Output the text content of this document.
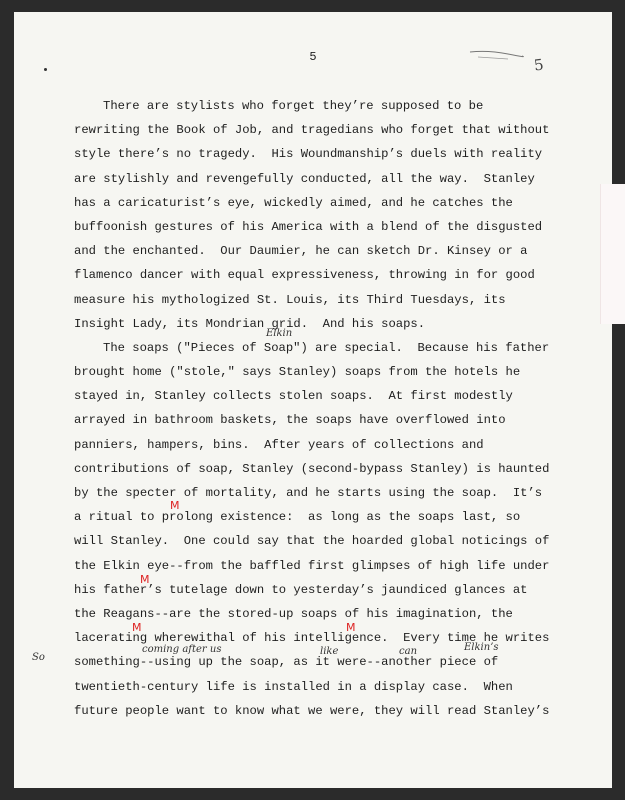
5	5
There are stylists who forget they’re supposed to be
rewriting the Book of Job, and tragedians who forget that without
style there’s no tragedy.  His Woundmanship’s duels with reality
are stylishly and revengefully conducted, all the way.  Stanley
has a caricaturist’s eye, wickedly aimed, and he catches the
buffoonish gestures of his America with a blend of the disgusted
and the enchanted.  Our Daumier, he can sketch Dr. Kinsey or a
flamenco dancer with equal expressiveness, throwing in for good
measure his mythologized St. Louis, its Third Tuesdays, its
Insight Lady, its Mondrian grid.  And his soaps.
The soaps ("Pieces of Soap") are special.  Because his father
brought home ("stole," says Stanley) soaps from the hotels he
stayed in, Stanley collects stolen soaps.  At first modestly
arrayed in bathroom baskets, the soaps have overflowed into
panniers, hampers, bins.  After years of collections and
contributions of soap, Stanley (second-bypass Stanley) is haunted
by the specter of mortality, and he starts using the soap.  It’s
a ritual to prolong existence:  as long as the soaps last, so
will Stanley.  One could say that the hoarded global noticings of
the Elkin eye--from the baffled first glimpses of high life under
his father’s tutelage down to yesterday’s jaundiced glances at
the Reagans--are the stored-up soaps of his imagination, the
lacerating wherewithal of his intelligence.  Every time he writes
something--using up the soap, as it were--another piece of
twentieth-century life is installed in a display case.  When
future people want to know what we were, they will read Stanley’s
Elkin
coming after us	like	can	Elkin’s
So
M
M
M	M
